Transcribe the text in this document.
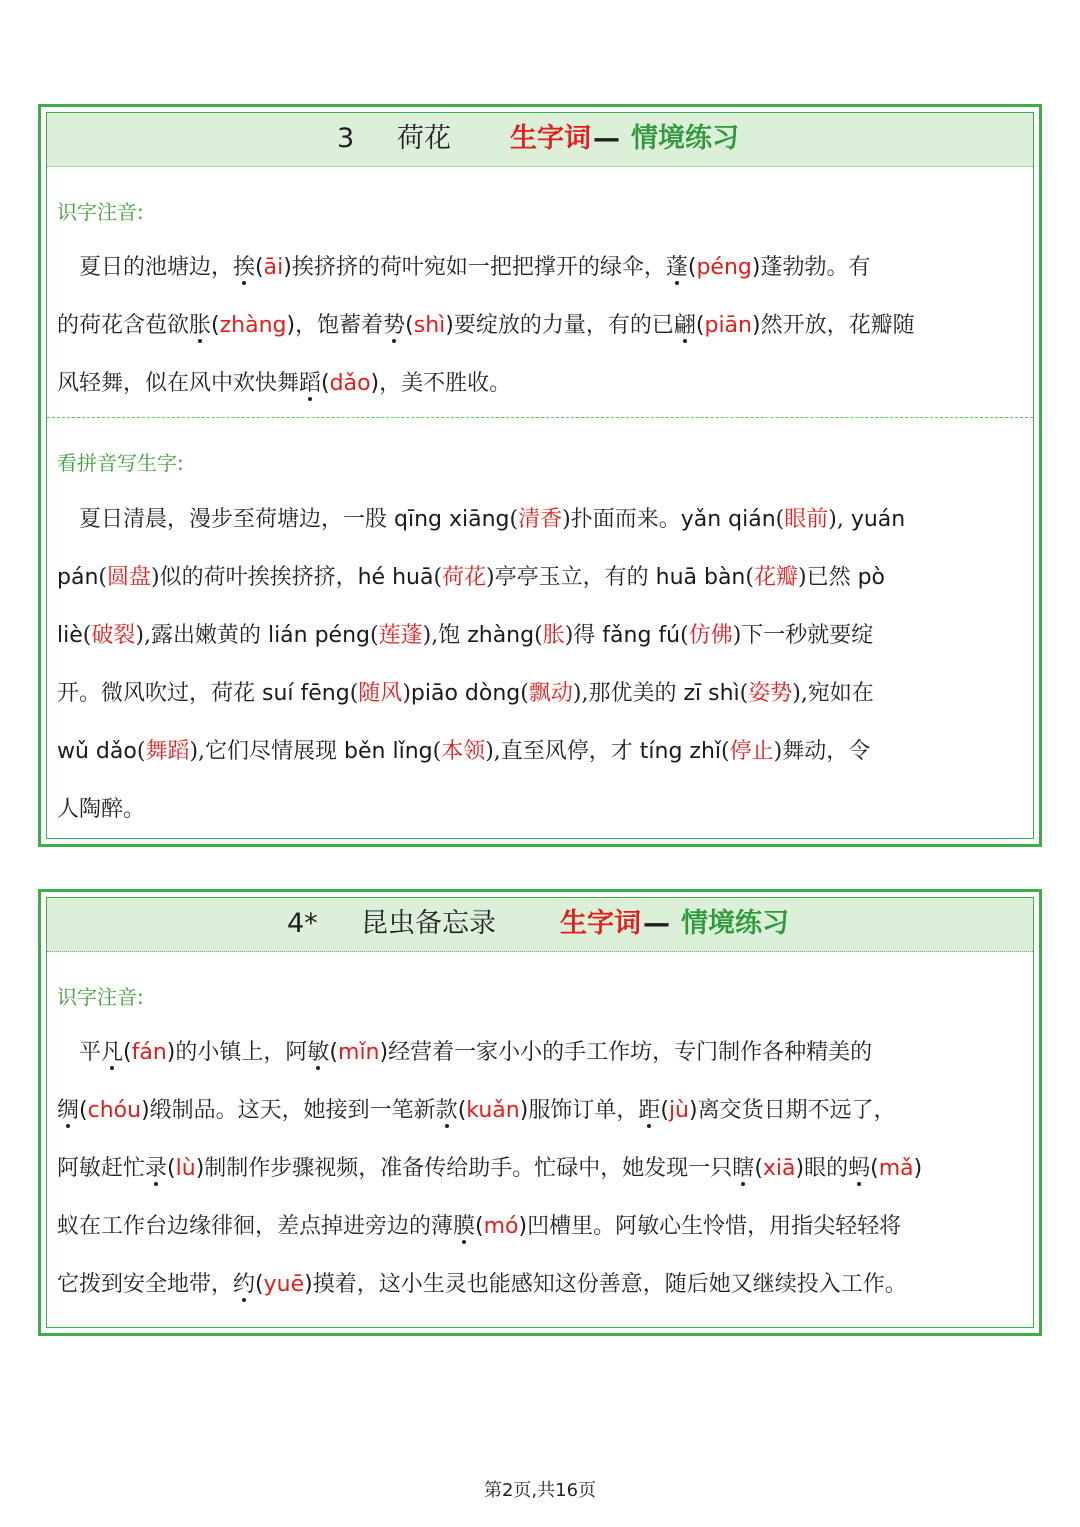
3 荷花 生字词 — 情境练习
识字注音:
　夏日的池塘边，挨(āi)挨挤挤的荷叶宛如一把把撑开的绿伞，蓬(péng)蓬勃勃。有
的荷花含苞欲胀(zhàng)，饱蓄着势(shì)要绽放的力量，有的已翩(piān)然开放，花瓣随
风轻舞，似在风中欢快舞蹈(dǎo)，美不胜收。
看拼音写生字:
　夏日清晨，漫步至荷塘边，一股 qīng xiāng(清香)扑面而来。yǎn qián(眼前), yuán
pán(圆盘)似的荷叶挨挨挤挤，hé huā(荷花)亭亭玉立，有的 huā bàn(花瓣)已然 pò
liè(破裂),露出嫩黄的 lián péng(莲蓬),饱 zhàng(胀)得 fǎng fú(仿佛)下一秒就要绽
开。微风吹过，荷花 suí fēng(随风)piāo dòng(飘动),那优美的 zī shì(姿势),宛如在
wǔ dǎo(舞蹈),它们尽情展现 běn lǐng(本领),直至风停，才 tíng zhǐ(停止)舞动，令
人陶醉。
4* 昆虫备忘录 生字词 — 情境练习
识字注音:
　平凡(fán)的小镇上，阿敏(mǐn)经营着一家小小的手工作坊，专门制作各种精美的
绸(chóu)缎制品。这天，她接到一笔新款(kuǎn)服饰订单，距(jù)离交货日期不远了，
阿敏赶忙录(lù)制制作步骤视频，准备传给助手。忙碌中，她发现一只瞎(xiā)眼的蚂(mǎ)
蚁在工作台边缘徘徊，差点掉进旁边的薄膜(mó)凹槽里。阿敏心生怜惜，用指尖轻轻将
它拨到安全地带，约(yuē)摸着，这小生灵也能感知这份善意，随后她又继续投入工作。
第2页,共16页
